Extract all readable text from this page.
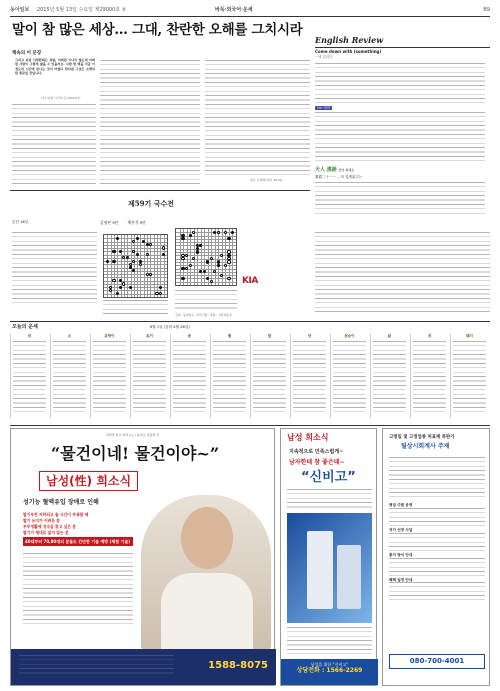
동아일보 2015년 5월 13일 수요일 제29000호 ⑤	바둑·외국어·운세	B9
말이 참 많은 세상… 그대, 찬란한 오해를 그치시라
English Review
Come down with (something)
~에 걸리다
I'm 영어
天人 漢語 안녕 하세요
看着二十一一 …이 일깨워주는
책속의 이 문장
그리고 보면 사람한테는 정말, 어쩌면 이나지 않는데 어쩌면 사람이 그렇게 많을 수 있을까요. 사람 한 명을 지금 이 정도의 시간에 만나는 것이 어렵다 한다면 그것은 오해의 한 종류일 것입니다.
–이소연의 ‘인적으로’(2015년)
밀톤 김대영(데코 2014)
제59기 국수전
김명완 9단 백홍석 9단
본선 16강
KIA
주최 : 동아일보 · 한국기원 · 후원 : 기아자동차
오늘의 운세	6월 1일 (음력 4월 26일)
쥐	소	호랑이	토끼	용	뱀	말	양	원숭이	닭	개	돼지
엄마만 믿고 따라오는 / 효자로 성장한 것
“물건이네! 물건이야~”
남성(性) 희소식
성기능 혈액유입 장애로 인해
발기부전 저하되고 돌 시간이 부족할 때
발기 유지가 어려운 분
부부생활에 성숙을 찾고 싶은 분
발기가 제대로 않지 않는 분
40대부터 70,80대의 분들도 간단한 기술 예방 (체험 기술)
1588-8075
남성 희소식
지속적으로 민족스럽게~
남자한테 참 좋은데~
“신비고”
남성을 위한 “신비고”
상담전화 : 1566-2269
고령일 및 고정업종 처표제 특판가
틸상시회계사 주제
평일 주말 운영
저가 선정 사업
통지 방식 안내
혜택 일정 안내
080-700-4001
